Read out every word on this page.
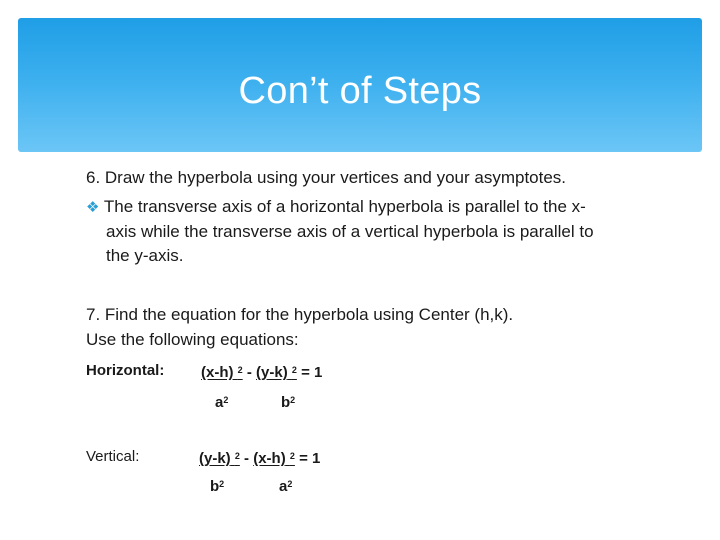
Con’t of Steps
6. Draw the hyperbola using your vertices and your asymptotes.
❖ The transverse axis of a horizontal hyperbola is parallel to the x-
axis while the transverse axis of a vertical hyperbola is parallel to
the y-axis.
7. Find the equation for the hyperbola using Center (h,k).
Use the following equations:
Horizontal: (x-h) $^2$ - (y-k) $^2$ = 1
$a^2$	$b^2$
Vertical:	(y-k) $^2$ - (x-h) $^2$ = 1
$b^2$	$a^2$
